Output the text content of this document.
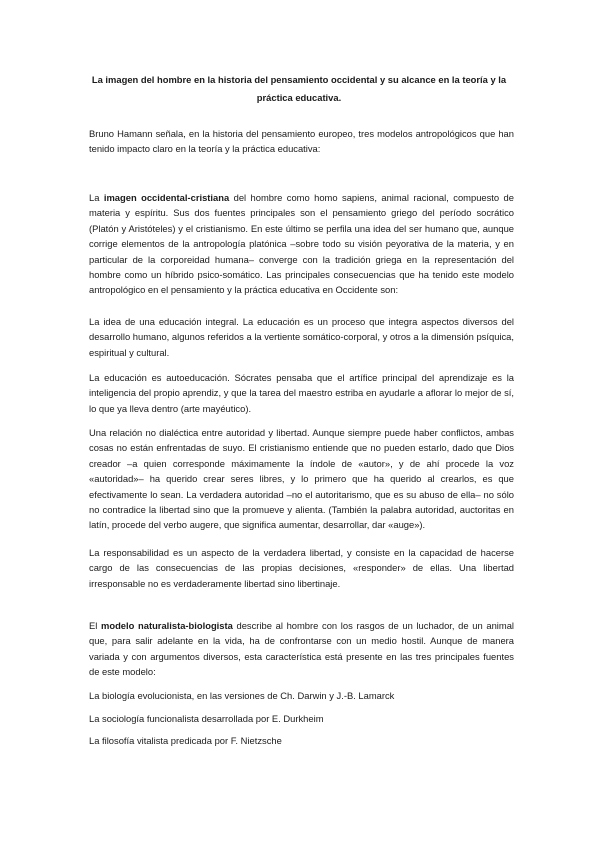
La imagen del hombre en la historia del pensamiento occidental y su alcance en la teoría y la práctica educativa.

Bruno Hamann señala, en la historia del pensamiento europeo, tres modelos antropológicos que han tenido impacto claro en la teoría y la práctica educativa:

La imagen occidental-cristiana del hombre como homo sapiens, animal racional, compuesto de materia y espíritu. Sus dos fuentes principales son el pensamiento griego del período socrático (Platón y Aristóteles) y el cristianismo. En este último se perfila una idea del ser humano que, aunque corrige elementos de la antropología platónica –sobre todo su visión peyorativa de la materia, y en particular de la corporeidad humana– converge con la tradición griega en la representación del hombre como un híbrido psico-somático. Las principales consecuencias que ha tenido este modelo antropológico en el pensamiento y la práctica educativa en Occidente son:

La idea de una educación integral. La educación es un proceso que integra aspectos diversos del desarrollo humano, algunos referidos a la vertiente somático-corporal, y otros a la dimensión psíquica, espiritual y cultural.

La educación es autoeducación. Sócrates pensaba que el artífice principal del aprendizaje es la inteligencia del propio aprendiz, y que la tarea del maestro estriba en ayudarle a aflorar lo mejor de sí, lo que ya lleva dentro (arte mayéutico).

Una relación no dialéctica entre autoridad y libertad. Aunque siempre puede haber conflictos, ambas cosas no están enfrentadas de suyo. El cristianismo entiende que no pueden estarlo, dado que Dios creador –a quien corresponde máximamente la índole de «autor», y de ahí procede la voz «autoridad»– ha querido crear seres libres, y lo primero que ha querido al crearlos, es que efectivamente lo sean. La verdadera autoridad –no el autoritarismo, que es su abuso de ella– no sólo no contradice la libertad sino que la promueve y alienta. (También la palabra autoridad, auctoritas en latín, procede del verbo augere, que significa aumentar, desarrollar, dar «auge»).

La responsabilidad es un aspecto de la verdadera libertad, y consiste en la capacidad de hacerse cargo de las consecuencias de las propias decisiones, «responder» de ellas. Una libertad irresponsable no es verdaderamente libertad sino libertinaje.

El modelo naturalista-biologista describe al hombre con los rasgos de un luchador, de un animal que, para salir adelante en la vida, ha de confrontarse con un medio hostil. Aunque de manera variada y con argumentos diversos, esta característica está presente en las tres principales fuentes de este modelo:

La biología evolucionista, en las versiones de Ch. Darwin y J.-B. Lamarck

La sociología funcionalista desarrollada por E. Durkheim

La filosofía vitalista predicada por F. Nietzsche
